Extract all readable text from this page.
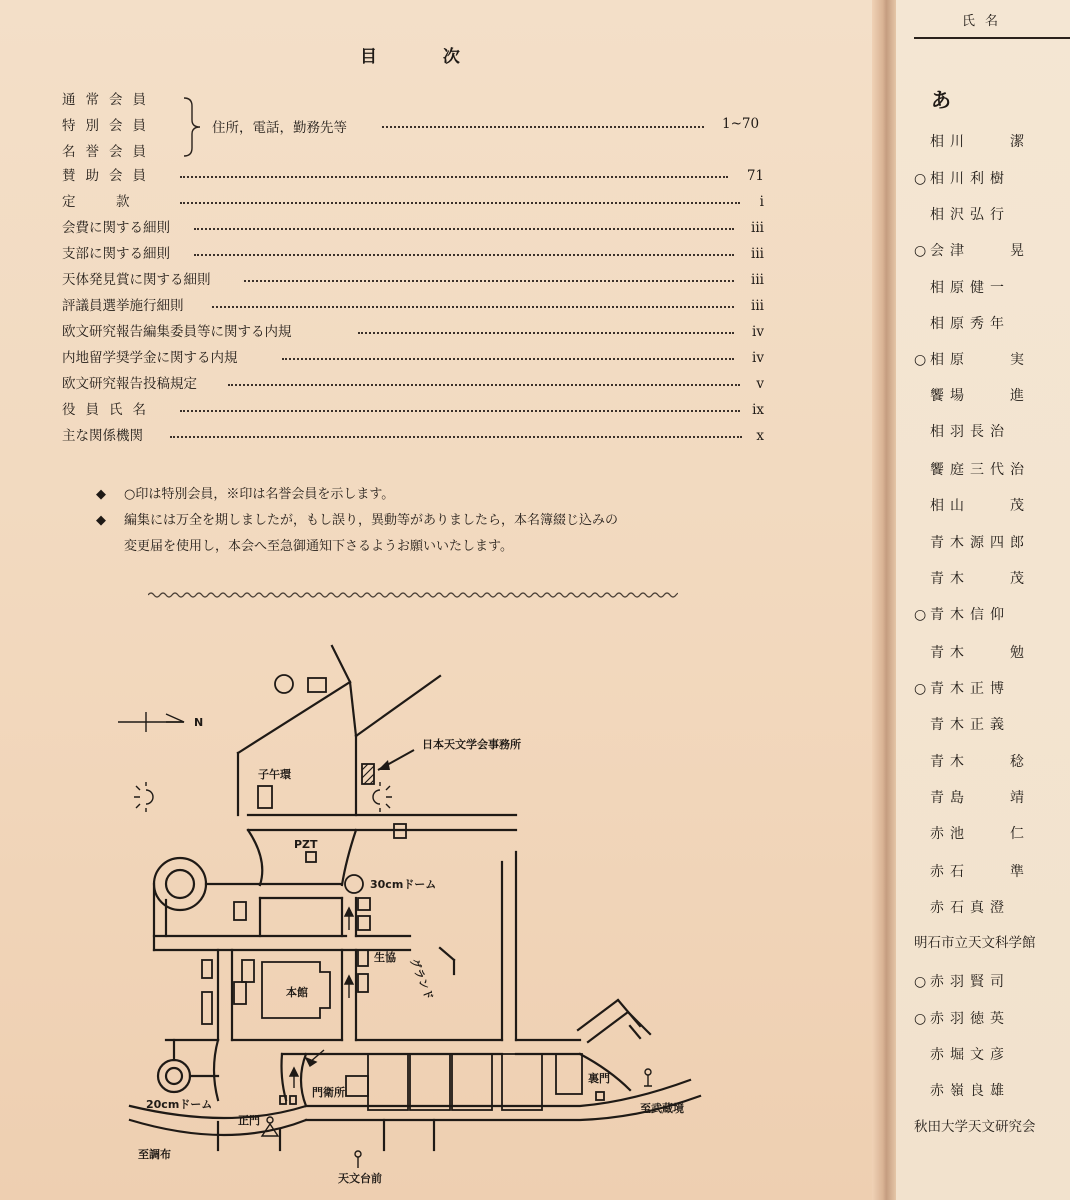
目	次
通常会員
特別会員
名誉会員
住所，電話，勤務先等	1~70
賛助会員	71
定　　　款	i
会費に関する細則	iii
支部に関する細則	iii
天体発見賞に関する細則	iii
評議員選挙施行細則	iii
欧文研究報告編集委員等に関する内規	iv
内地留学奨学金に関する内規	iv
欧文研究報告投稿規定	v
役員氏名	ix
主な関係機関	x
◆ ○印は特別会員，※印は名誉会員を示します。
◆ 編集には万全を期しましたが，もし誤り，異動等がありましたら，本名簿綴じ込みの
変更届を使用し，本会へ至急御通知下さるようお願いいたします。
N
日本天文学会事務所
子午環
PZT
30cmドーム
生協
本館
20cmドーム
正門
門衛所
裏門
至武蔵境
至調布
天文台前
グランド
氏名
あ
相川　　潔
○ 相川利樹
相沢弘行
○ 会津　　晃
相原健一
相原秀年
○ 相原　　実
饗場　　進
相羽長治
饗庭三代治
相山　　茂
青木源四郎
青木　　茂
○ 青木信仰
青木　　勉
○ 青木正博
青木正義
青木　　稔
青島　　靖
赤池　　仁
赤石　　準
赤石真澄
明石市立天文科学館
○ 赤羽賢司
○ 赤羽徳英
赤堀文彦
赤嶺良雄
秋田大学天文研究会
